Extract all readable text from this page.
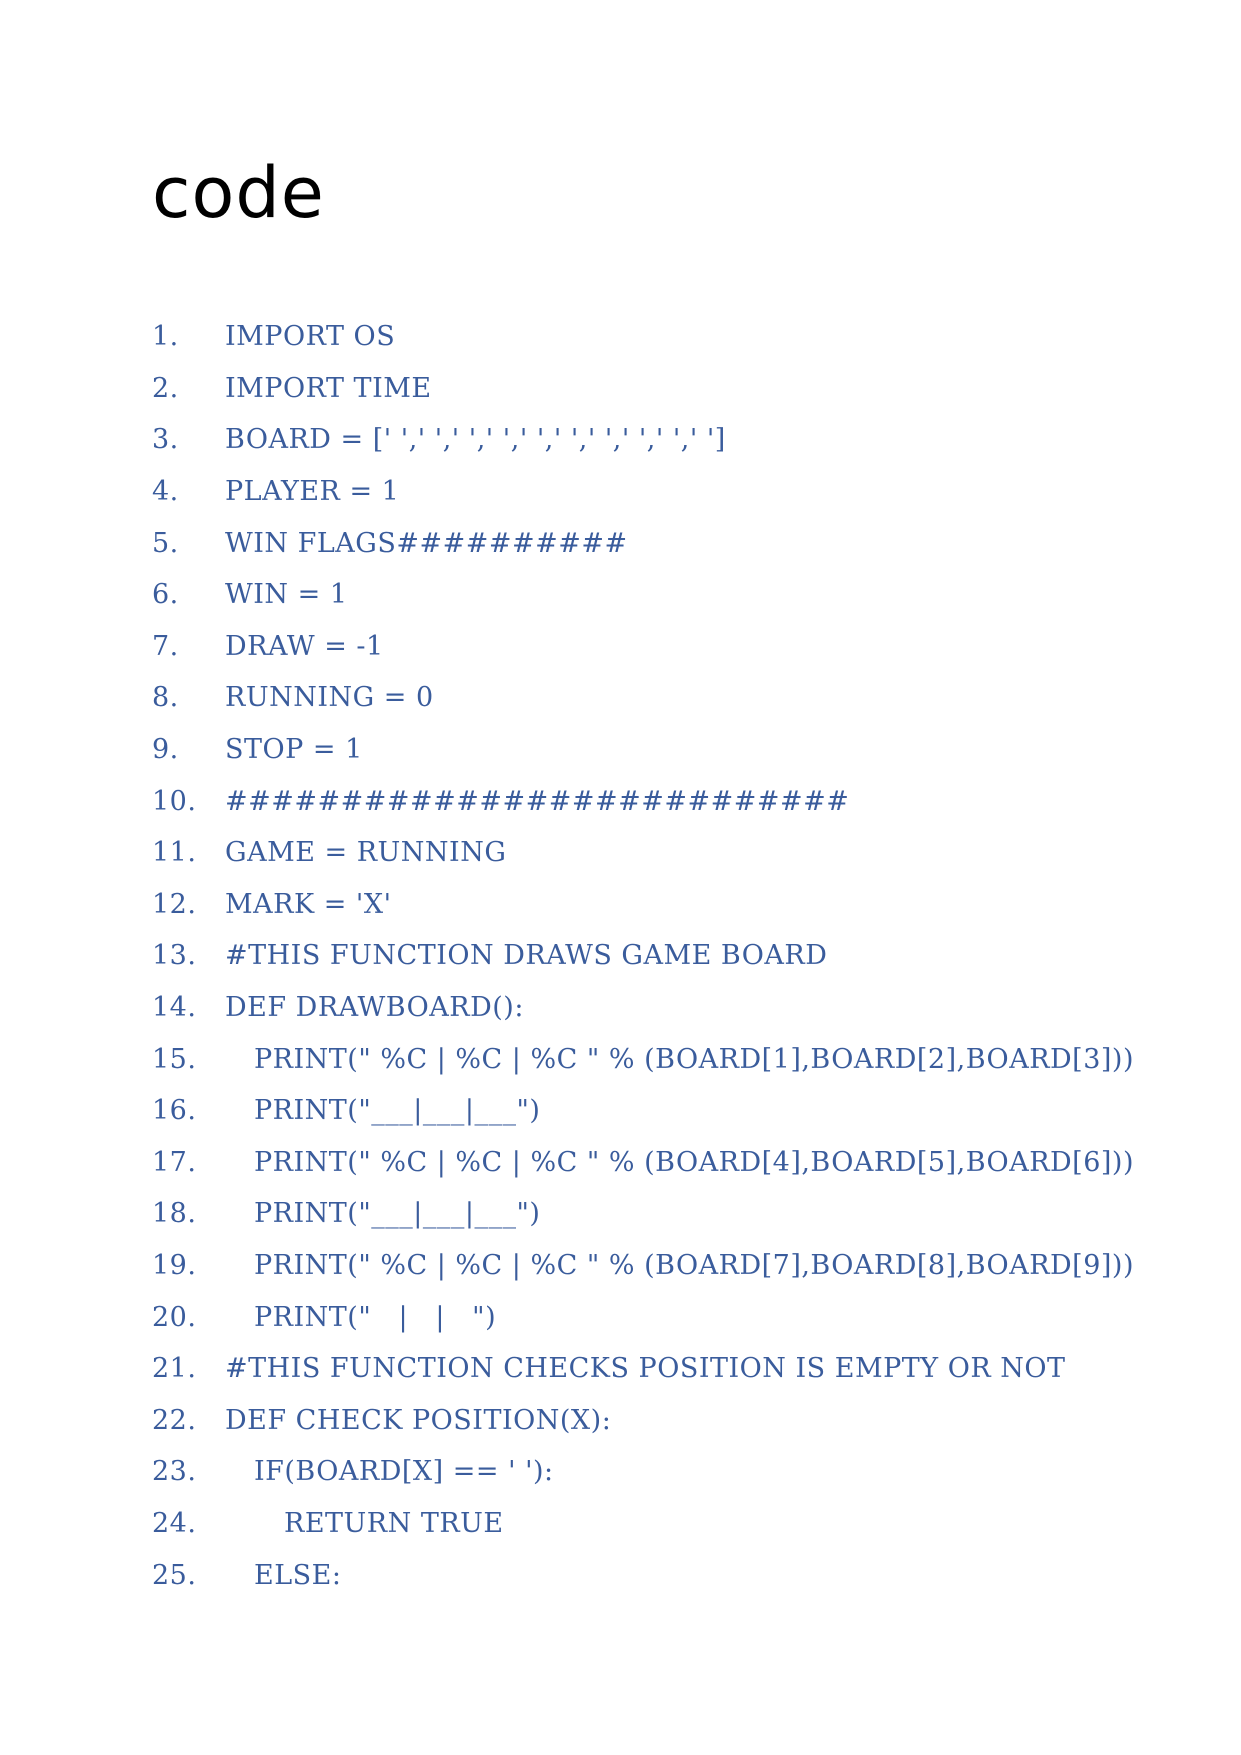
code
1.	IMPORT OS
2.	IMPORT TIME
3.	BOARD = [' ',' ',' ',' ',' ',' ',' ',' ',' ',' ']
4.	PLAYER = 1
5.	WIN FLAGS##########
6.	WIN = 1
7.	DRAW = -1
8.	RUNNING = 0
9.	STOP = 1
10.	###########################
11.	GAME = RUNNING
12.	MARK = 'X'
13.	#THIS FUNCTION DRAWS GAME BOARD
14.	DEF DRAWBOARD():
15.	PRINT(" %C | %C | %C " % (BOARD[1],BOARD[2],BOARD[3]))
16.	PRINT("___|___|___")
17.	PRINT(" %C | %C | %C " % (BOARD[4],BOARD[5],BOARD[6]))
18.	PRINT("___|___|___")
19.	PRINT(" %C | %C | %C " % (BOARD[7],BOARD[8],BOARD[9]))
20.	PRINT("   |   |   ")
21.	#THIS FUNCTION CHECKS POSITION IS EMPTY OR NOT
22.	DEF CHECK POSITION(X):
23.	IF(BOARD[X] == ' '):
24.	RETURN TRUE
25.	ELSE:
